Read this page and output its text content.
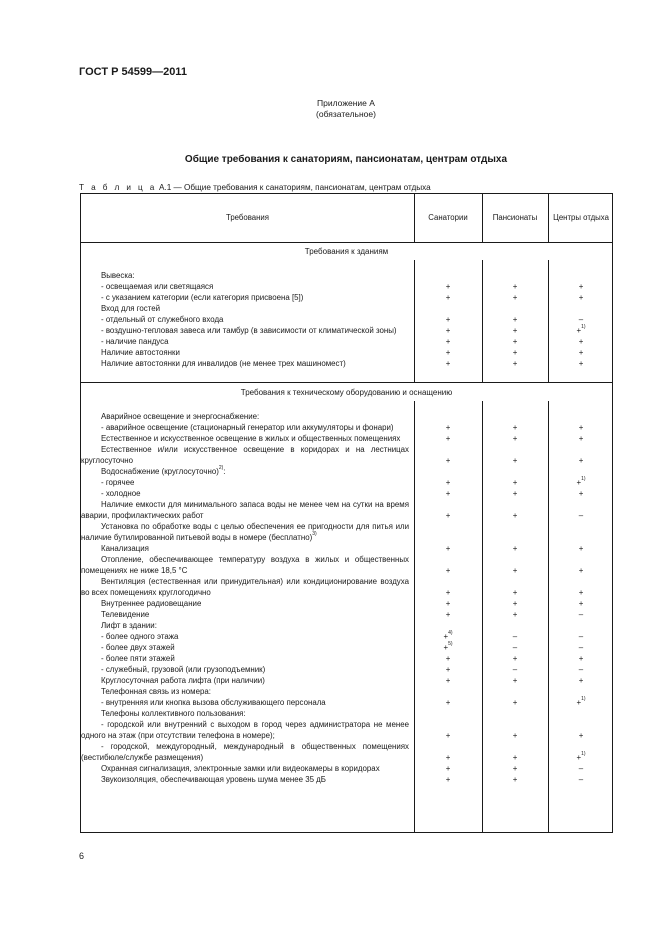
ГОСТ Р 54599—2011
Приложение А
(обязательное)
Общие требования к санаториям, пансионатам, центрам отдыха
Т а б л и ц а А.1 — Общие требования к санаториям, пансионатам, центрам отдыха
Требования	Санатории	Пансионаты	Центры отдыха
Требования к зданиям
Вывеска:
- освещаемая или светящаяся	+	+	+
- с указанием категории (если категория присвоена [5])	+	+	+
Вход для гостей
- отдельный от служебного входа	+	+	–
- воздушно-тепловая завеса или тамбур (в зависимости от климатической зоны)	+	+	+$^{1)}$
- наличие пандуса	+	+	+
Наличие автостоянки	+	+	+
Наличие автостоянки для инвалидов (не менее трех машиномест)	+	+	+
Требования к техническому оборудованию и оснащению
Аварийное освещение и энергоснабжение:
- аварийное освещение (стационарный генератор или аккумуляторы и фонари)	+	+	+
Естественное и искусственное освещение в жилых и общественных помещениях	+	+	+
Естественное и/или искусственное освещение в коридорах и на лестницах круглосуточно	+	+	+
Водоснабжение (круглосуточно)$^{2)}$:
- горячее	+	+	+$^{1)}$
- холодное	+	+	+
Наличие емкости для минимального запаса воды не менее чем на сутки на время аварии, профилактических работ	+	+	–
Установка по обработке воды с целью обеспечения ее пригодности для питья или наличие бутилированной питьевой воды в номере (бесплатно)$^{3)}$
Канализация	+	+	+
Отопление, обеспечивающее температуру воздуха в жилых и общественных помещениях не ниже 18,5 °С	+	+	+
Вентиляция (естественная или принудительная) или кондиционирование воздуха во всех помещениях круглогодично	+	+	+
Внутреннее радиовещание	+	+	+
Телевидение	+	+	–
Лифт в здании:
- более одного этажа	+$^{4)}$	–	–
- более двух этажей	+$^{5)}$	–	–
- более пяти этажей	+	+	+
- служебный, грузовой (или грузоподъемник)	+	–	–
Круглосуточная работа лифта (при наличии)	+	+	+
Телефонная связь из номера:
- внутренняя или кнопка вызова обслуживающего персонала	+	+	+$^{1)}$
Телефоны коллективного пользования:
- городской или внутренний с выходом в город через администратора не менее одного на этаж (при отсутствии телефона в номере);	+	+	+
- городской, междугородный, международный в общественных помещениях (вестибюле/службе размещения)	+	+	+$^{1)}$
Охранная сигнализация, электронные замки или видеокамеры в коридорах	+	+	–
Звукоизоляция, обеспечивающая уровень шума менее 35 дБ	+	+	–
6
